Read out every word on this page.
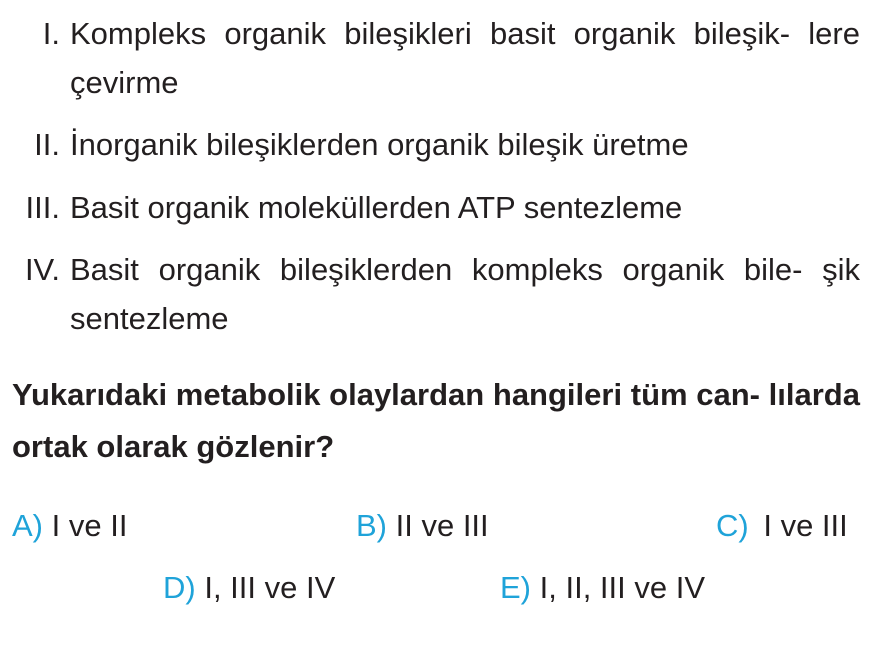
I. Kompleks organik bileşikleri basit organik bileşik- lere çevirme
II. İnorganik bileşiklerden organik bileşik üretme
III. Basit organik moleküllerden ATP sentezleme
IV. Basit organik bileşiklerden kompleks organik bile- şik sentezleme
Yukarıdaki metabolik olaylardan hangileri tüm can- lılarda ortak olarak gözlenir?
A) I ve II	B) II ve III	C) I ve III
D) I, III ve IV	E) I, II, III ve IV
